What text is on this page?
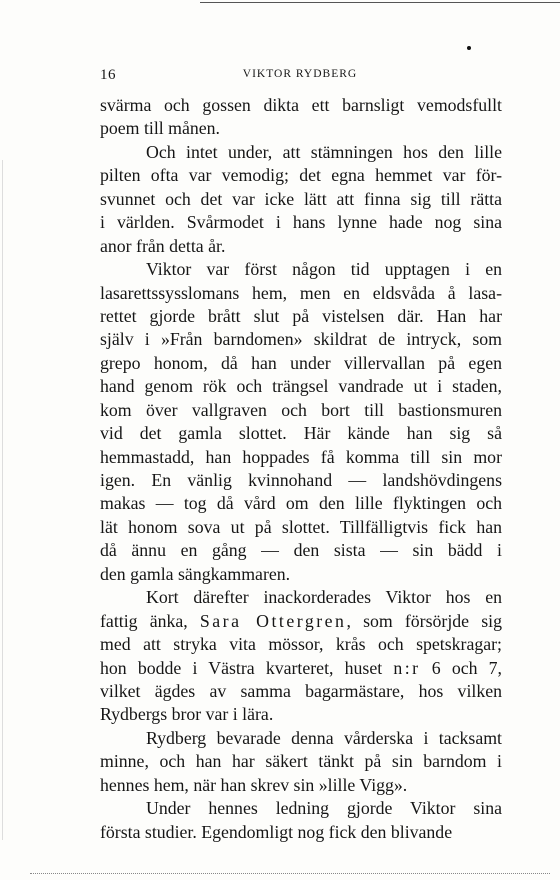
16	VIKTOR RYDBERG
svärma och gossen dikta ett barnsligt vemodsfullt
poem till månen.
Och intet under, att stämningen hos den lille
pilten ofta var vemodig; det egna hemmet var för-
svunnet och det var icke lätt att finna sig till rätta
i världen. Svårmodet i hans lynne hade nog sina
anor från detta år.
Viktor var först någon tid upptagen i en
lasarettssysslomans hem, men en eldsvåda å lasa-
rettet gjorde brått slut på vistelsen där. Han har
själv i »Från barndomen» skildrat de intryck, som
grepo honom, då han under villervallan på egen
hand genom rök och trängsel vandrade ut i staden,
kom över vallgraven och bort till bastionsmuren
vid det gamla slottet. Här kände han sig så
hemmastadd, han hoppades få komma till sin mor
igen. En vänlig kvinnohand — landshövdingens
makas — tog då vård om den lille flyktingen och
lät honom sova ut på slottet. Tillfälligtvis fick han
då ännu en gång — den sista — sin bädd i
den gamla sängkammaren.
Kort därefter inackorderades Viktor hos en
fattig änka, Sara Ottergren, som försörjde sig
med att stryka vita mössor, krås och spetskragar;
hon bodde i Västra kvarteret, huset n:r 6 och 7,
vilket ägdes av samma bagarmästare, hos vilken
Rydbergs bror var i lära.
Rydberg bevarade denna vårderska i tacksamt
minne, och han har säkert tänkt på sin barndom i
hennes hem, när han skrev sin »lille Vigg».
Under hennes ledning gjorde Viktor sina
första studier. Egendomligt nog fick den blivande
